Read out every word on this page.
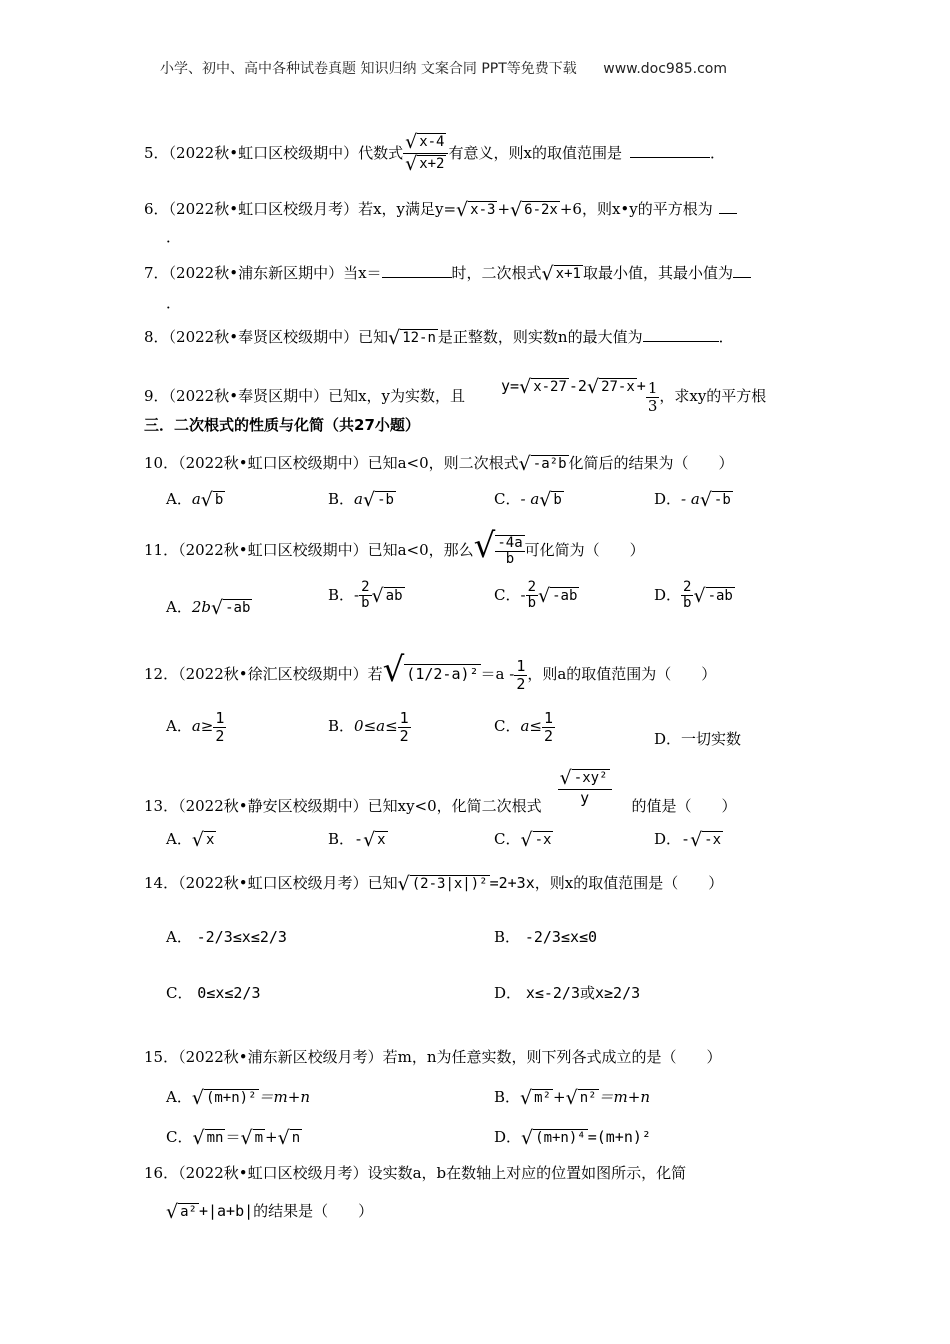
小学、初中、高中各种试卷真题 知识归纳 文案合同 PPT等免费下载 www.doc985.com
5．（2022秋•虹口区校级期中）代数式 $\frac{√ x-4}{√ x+2}$ 有意义，则x的取值范围是	．
6．（2022秋•虹口区校级月考）若x，y满足y=√ x-3 +√ 6-2x +6，则x•y的平方根为
．
7．（2022秋•浦东新区期中）当x＝	时，二次根式√ x+1 取最小值，其最小值为
．
8．（2022秋•奉贤区校级期中）已知√ 12-n 是正整数，则实数n的最大值为	．
9．（2022秋•奉贤区期中）已知x，y为实数，且y=√ x-27 -2√ $27-x + \frac{1}{3}$ ，求xy的平方根
三．二次根式的性质与化简（共27小题）
10．（2022秋•虹口区校级期中）已知a<0，则二次根式√ -a²b 化简后的结果为（　　）
A．a√ b	B．a√ -b	C．- a√ b	D．- a√ -b
11．（2022秋•虹口区校级期中）已知a<0，那么√ $\frac{-4a}{b}$ 可化简为（　　）
A．2b√ -ab
B．- $\frac{2}{b}$ √ ab	C．- $\frac{2}{b}$ √ -ab	D． $\frac{2}{b}$ √ -ab
12．（2022秋•徐汇区校级期中）若√ $(1/2-a)^2 =a - \frac{1}{2}$ ，则a的取值范围为（　　）
A．$a\ge \frac{1}{2}$	B．$0\le a\le \frac{1}{2}$	C．$a\le \frac{1}{2}$	D．一切实数
13．（2022秋•静安区校级期中）已知xy<0，化简二次根式 $\frac{\text{√ -xy²}}{y}$ 的值是（　　）
A．√ x	B．-√ x	C．√ -x	D．-√ -x
14．（2022秋•虹口区校级月考）已知√ (2-3|x|)² =2+3x，则x的取值范围是（　　）
A． -2/3≤x≤2/3	B． -2/3≤x≤0
C． 0≤x≤2/3	D． x≤-2/3或x≥2/3
15．（2022秋•浦东新区校级月考）若m，n为任意实数，则下列各式成立的是（　　）
A．√ (m+n)² ＝m+n	B．√ m² +√ n² ＝m+n
C．√ mn ＝√ m +√ n	D．√ (m+n)⁴ =(m+n)²
16．（2022秋•虹口区校级月考）设实数a，b在数轴上对应的位置如图所示，化简
√ a² +|a+b|的结果是（　　）
